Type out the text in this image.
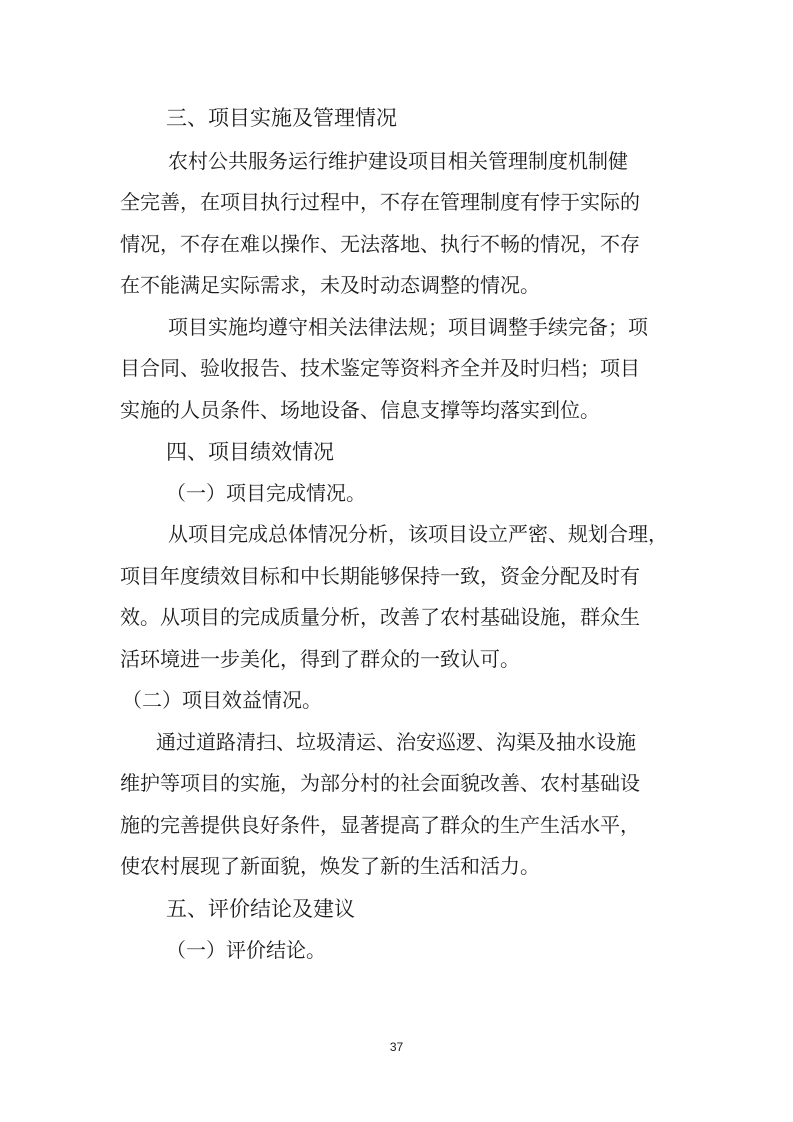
三、项目实施及管理情况
农村公共服务运行维护建设项目相关管理制度机制健
全完善，在项目执行过程中，不存在管理制度有悖于实际的
情况，不存在难以操作、无法落地、执行不畅的情况，不存
在不能满足实际需求，未及时动态调整的情况。
项目实施均遵守相关法律法规；项目调整手续完备；项
目合同、验收报告、技术鉴定等资料齐全并及时归档；项目
实施的人员条件、场地设备、信息支撑等均落实到位。
四、项目绩效情况
（一）项目完成情况。
从项目完成总体情况分析，该项目设立严密、规划合理，
项目年度绩效目标和中长期能够保持一致，资金分配及时有
效。从项目的完成质量分析，改善了农村基础设施，群众生
活环境进一步美化，得到了群众的一致认可。
（二）项目效益情况。
通过道路清扫、垃圾清运、治安巡逻、沟渠及抽水设施
维护等项目的实施，为部分村的社会面貌改善、农村基础设
施的完善提供良好条件，显著提高了群众的生产生活水平，
使农村展现了新面貌，焕发了新的生活和活力。
五、评价结论及建议
（一）评价结论。
37
